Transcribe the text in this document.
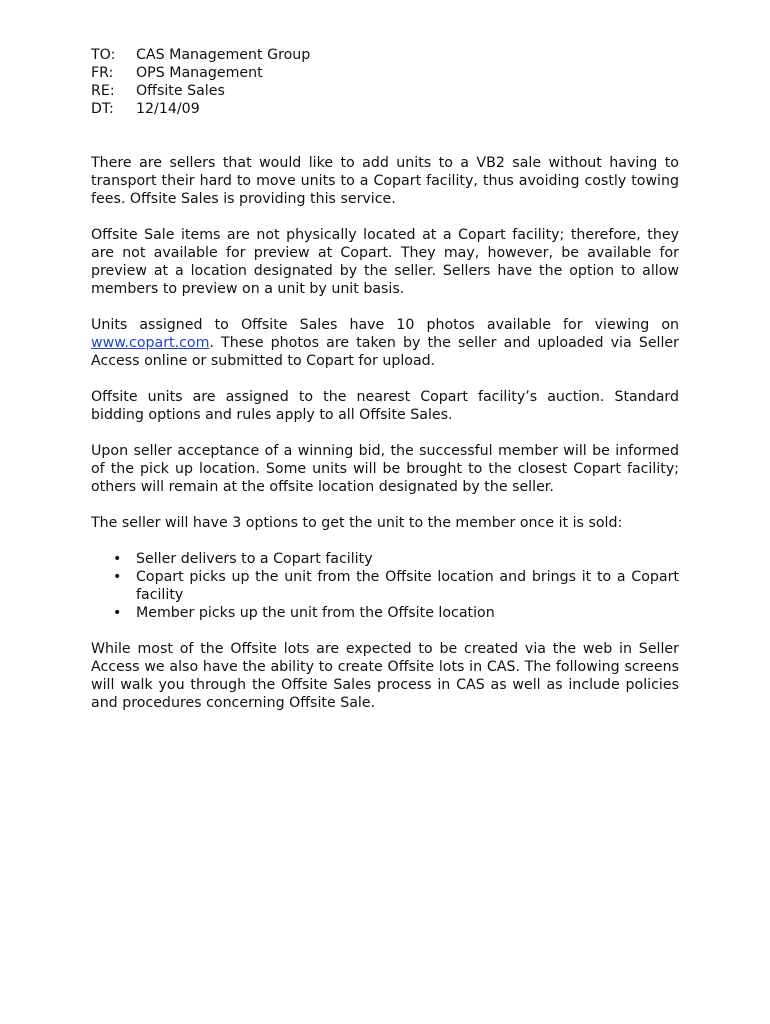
TO:	CAS Management Group
FR:	OPS Management
RE:	Offsite Sales
DT:	12/14/09

There are sellers that would like to add units to a VB2 sale without having to transport their hard to move units to a Copart facility, thus avoiding costly towing fees. Offsite Sales is providing this service.

Offsite Sale items are not physically located at a Copart facility; therefore, they are not available for preview at Copart. They may, however, be available for preview at a location designated by the seller. Sellers have the option to allow members to preview on a unit by unit basis.

Units assigned to Offsite Sales have 10 photos available for viewing on www.copart.com. These photos are taken by the seller and uploaded via Seller Access online or submitted to Copart for upload.

Offsite units are assigned to the nearest Copart facility’s auction. Standard bidding options and rules apply to all Offsite Sales.

Upon seller acceptance of a winning bid, the successful member will be informed of the pick up location. Some units will be brought to the closest Copart facility; others will remain at the offsite location designated by the seller.

The seller will have 3 options to get the unit to the member once it is sold:

• Seller delivers to a Copart facility
• Copart picks up the unit from the Offsite location and brings it to a Copart facility
• Member picks up the unit from the Offsite location

While most of the Offsite lots are expected to be created via the web in Seller Access we also have the ability to create Offsite lots in CAS. The following screens will walk you through the Offsite Sales process in CAS as well as include policies and procedures concerning Offsite Sale.
